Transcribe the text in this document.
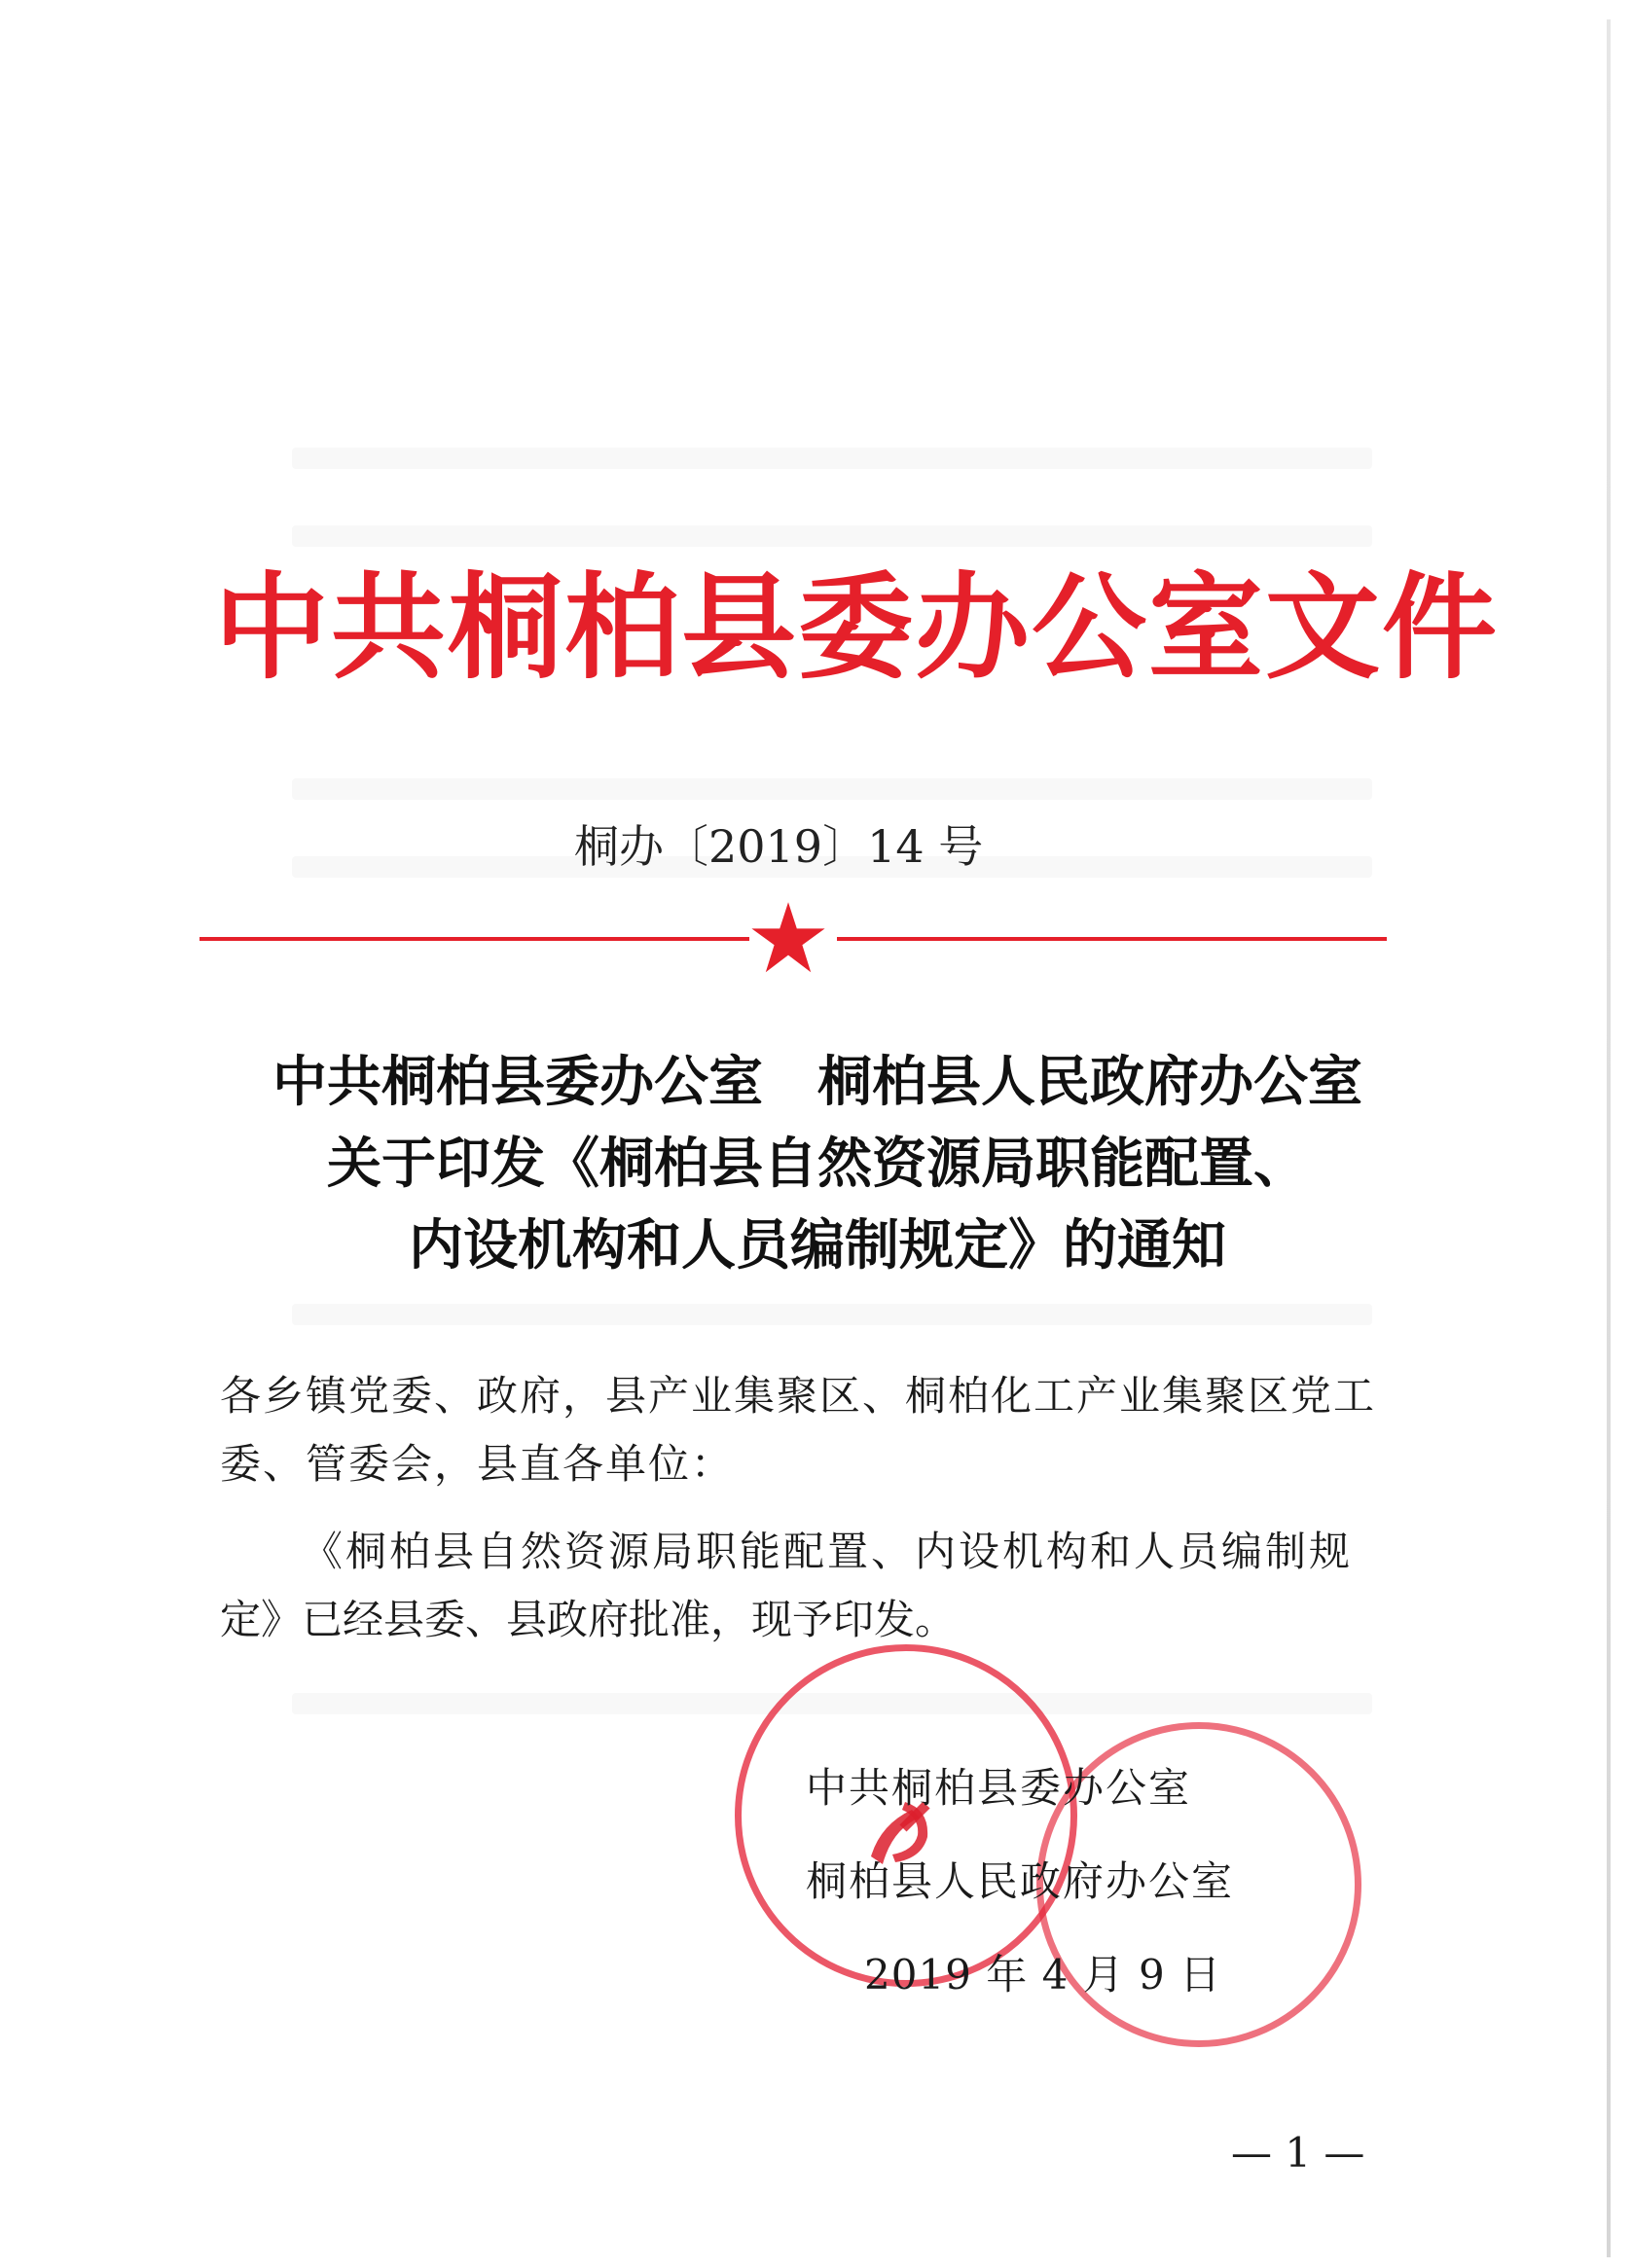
中共桐柏县委办公室文件
桐办〔2019〕14 号
中共桐柏县委办公室　桐柏县人民政府办公室
关于印发《桐柏县自然资源局职能配置、
内设机构和人员编制规定》的通知
各乡镇党委、政府，县产业集聚区、桐柏化工产业集聚区党工
委、管委会，县直各单位：
《桐柏县自然资源局职能配置、内设机构和人员编制规
定》已经县委、县政府批准，现予印发。
中共桐柏县委办公室
桐柏县人民政府办公室
2019 年 4 月 9 日
— 1 —
